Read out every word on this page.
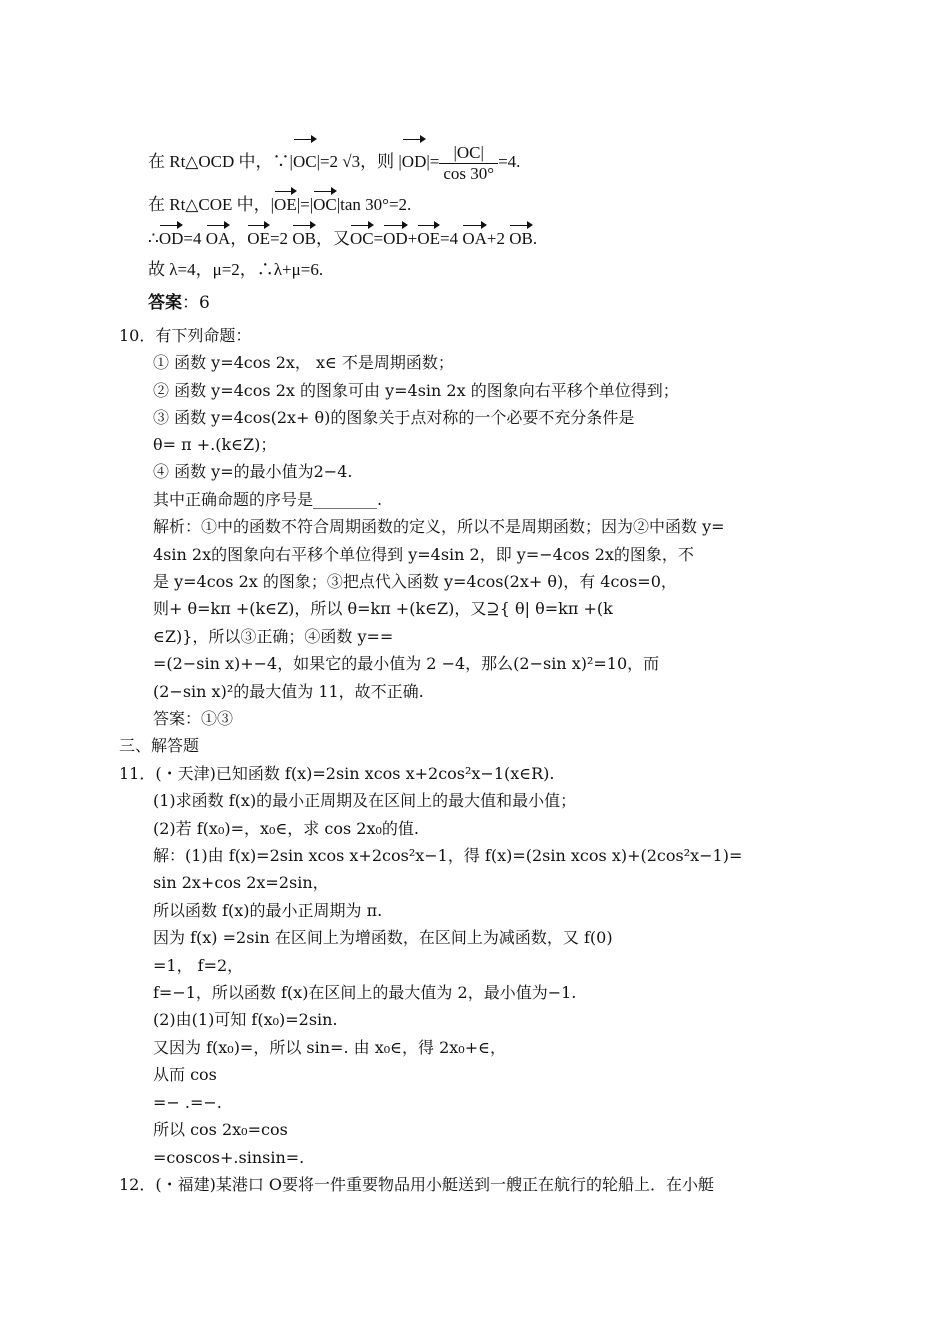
在 Rt△OCD 中，∵|OC|=2 √3，则 $|OD|= \frac{|OC|}{\cos 30^\circ} =4$.
在 Rt△COE 中，|OE|=|OC|tan 30°=2.
∴OD=4 OA，OE=2 OB，又OC=OD+OE=4 OA+2 OB.
故 λ=4，μ=2，∴λ+μ=6.
答案：6
10．有下列命题：
① 函数 y=4cos 2x， x∈ 不是周期函数；
② 函数 y=4cos 2x 的图象可由 y=4sin 2x 的图象向右平移个单位得到；
③ 函数 y=4cos(2x+ θ)的图象关于点对称的一个必要不充分条件是
θ= π +.(k∈Z)；
④ 函数 y=的最小值为2−4.
其中正确命题的序号是________.
解析：①中的函数不符合周期函数的定义，所以不是周期函数；因为②中函数 y=
4sin 2x的图象向右平移个单位得到 y=4sin 2，即 y=−4cos 2x的图象，不
是 y=4cos 2x 的图象；③把点代入函数 y=4cos(2x+ θ)，有 4cos=0，
则+ θ=kπ +(k∈Z)，所以 θ=kπ +(k∈Z)，又⊇{ θ| θ=kπ +(k
∈Z)}，所以③正确；④函数 y==
=(2−sin x)+−4，如果它的最小值为 2 −4，那么(2−sin x)²=10，而
(2−sin x)²的最大值为 11，故不正确.
答案：①③
三、解答题
11．(・天津)已知函数 f(x)=2sin xcos x+2cos²x−1(x∈R).
(1)求函数 f(x)的最小正周期及在区间上的最大值和最小值；
(2)若 f(x₀)=，x₀∈，求 cos 2x₀的值.
解：(1)由 f(x)=2sin xcos x+2cos²x−1，得 f(x)=(2sin xcos x)+(2cos²x−1)=
sin 2x+cos 2x=2sin，
所以函数 f(x)的最小正周期为 π.
因为 f(x) =2sin 在区间上为增函数，在区间上为减函数，又 f(0)
=1， f=2，
f=−1，所以函数 f(x)在区间上的最大值为 2，最小值为−1.
(2)由(1)可知 f(x₀)=2sin.
又因为 f(x₀)=，所以 sin=. 由 x₀∈，得 2x₀+∈，
从而 cos
=− .=−.
所以 cos 2x₀=cos
=coscos+.sinsin=.
12．(・福建)某港口 O要将一件重要物品用小艇送到一艘正在航行的轮船上．在小艇
